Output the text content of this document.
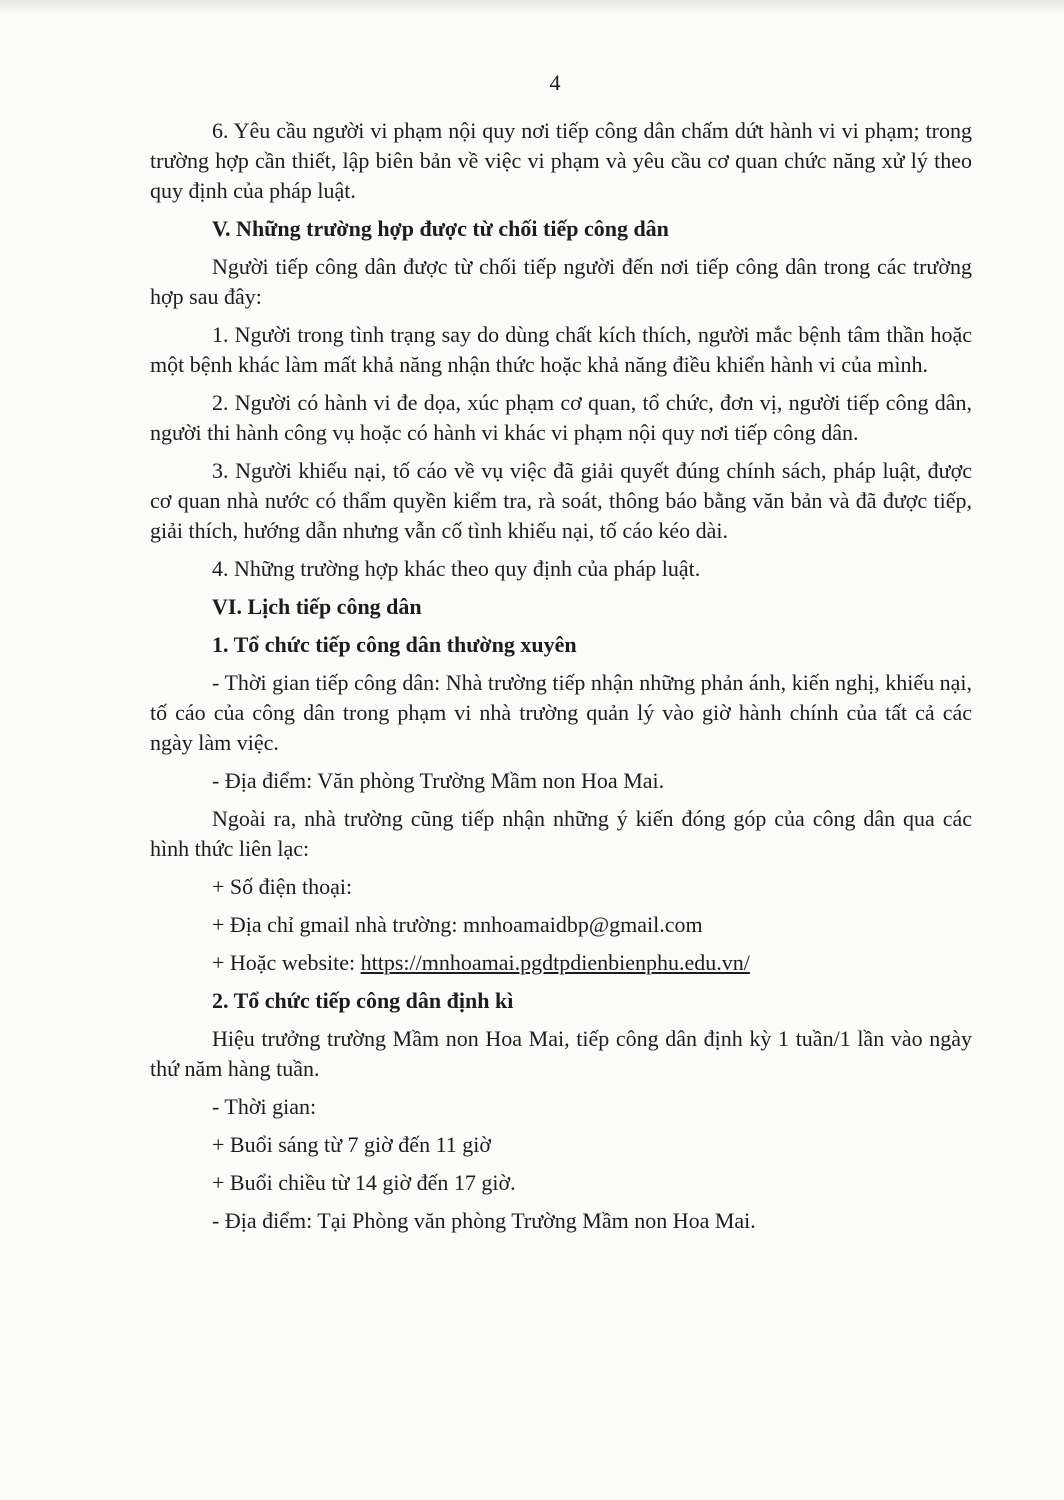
4

6. Yêu cầu người vi phạm nội quy nơi tiếp công dân chấm dứt hành vi vi phạm; trong trường hợp cần thiết, lập biên bản về việc vi phạm và yêu cầu cơ quan chức năng xử lý theo quy định của pháp luật.

V. Những trường hợp được từ chối tiếp công dân

Người tiếp công dân được từ chối tiếp người đến nơi tiếp công dân trong các trường hợp sau đây:

1. Người trong tình trạng say do dùng chất kích thích, người mắc bệnh tâm thần hoặc một bệnh khác làm mất khả năng nhận thức hoặc khả năng điều khiển hành vi của mình.

2. Người có hành vi đe dọa, xúc phạm cơ quan, tổ chức, đơn vị, người tiếp công dân, người thi hành công vụ hoặc có hành vi khác vi phạm nội quy nơi tiếp công dân.

3. Người khiếu nại, tố cáo về vụ việc đã giải quyết đúng chính sách, pháp luật, được cơ quan nhà nước có thẩm quyền kiểm tra, rà soát, thông báo bằng văn bản và đã được tiếp, giải thích, hướng dẫn nhưng vẫn cố tình khiếu nại, tố cáo kéo dài.

4. Những trường hợp khác theo quy định của pháp luật.

VI. Lịch tiếp công dân

1. Tổ chức tiếp công dân thường xuyên

- Thời gian tiếp công dân: Nhà trường tiếp nhận những phản ánh, kiến nghị, khiếu nại, tố cáo của công dân trong phạm vi nhà trường quản lý vào giờ hành chính của tất cả các ngày làm việc.

- Địa điểm: Văn phòng Trường Mầm non Hoa Mai.

Ngoài ra, nhà trường cũng tiếp nhận những ý kiến đóng góp của công dân qua các hình thức liên lạc:

+ Số điện thoại:

+ Địa chỉ gmail nhà trường: mnhoamaidbp@gmail.com

+ Hoặc website: https://mnhoamai.pgdtpdienbienphu.edu.vn/

2. Tổ chức tiếp công dân định kì

Hiệu trưởng trường Mầm non Hoa Mai, tiếp công dân định kỳ 1 tuần/1 lần vào ngày thứ năm hàng tuần.

- Thời gian:

+ Buổi sáng từ 7 giờ đến 11 giờ

+ Buổi chiều từ 14 giờ đến 17 giờ.

- Địa điểm: Tại Phòng văn phòng Trường Mầm non Hoa Mai.
